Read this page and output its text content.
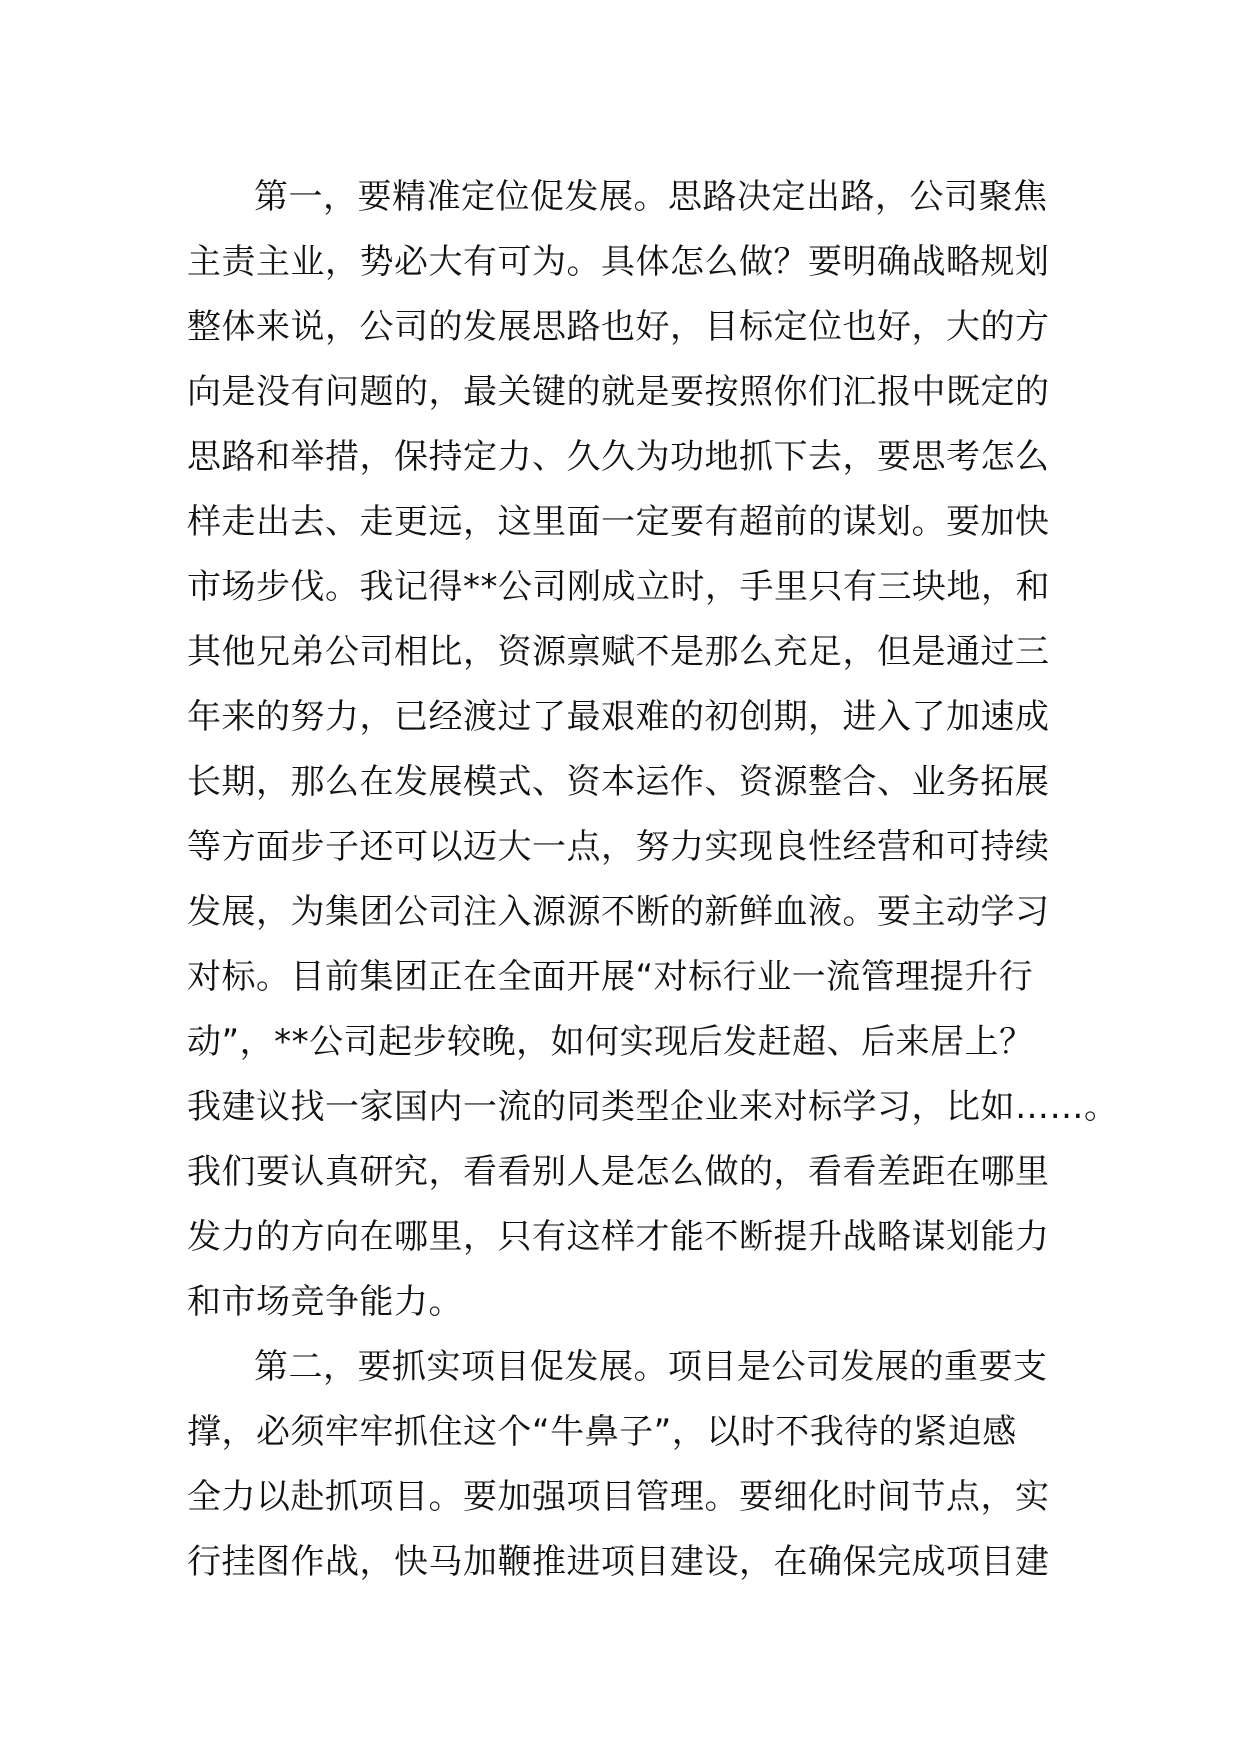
第一，要精准定位促发展。思路决定出路，公司聚焦
主责主业，势必大有可为。具体怎么做？要明确战略规划
整体来说，公司的发展思路也好，目标定位也好，大的方
向是没有问题的，最关键的就是要按照你们汇报中既定的
思路和举措，保持定力、久久为功地抓下去，要思考怎么
样走出去、走更远，这里面一定要有超前的谋划。要加快
市场步伐。我记得**公司刚成立时，手里只有三块地，和
其他兄弟公司相比，资源禀赋不是那么充足，但是通过三
年来的努力，已经渡过了最艰难的初创期，进入了加速成
长期，那么在发展模式、资本运作、资源整合、业务拓展
等方面步子还可以迈大一点，努力实现良性经营和可持续
发展，为集团公司注入源源不断的新鲜血液。要主动学习
对标。目前集团正在全面开展“对标行业一流管理提升行
动”，**公司起步较晚，如何实现后发赶超、后来居上？
我建议找一家国内一流的同类型企业来对标学习，比如……。
我们要认真研究，看看别人是怎么做的，看看差距在哪里
发力的方向在哪里，只有这样才能不断提升战略谋划能力
和市场竞争能力。
第二，要抓实项目促发展。项目是公司发展的重要支
撑，必须牢牢抓住这个“牛鼻子”，以时不我待的紧迫感
全力以赴抓项目。要加强项目管理。要细化时间节点，实
行挂图作战，快马加鞭推进项目建设，在确保完成项目建
